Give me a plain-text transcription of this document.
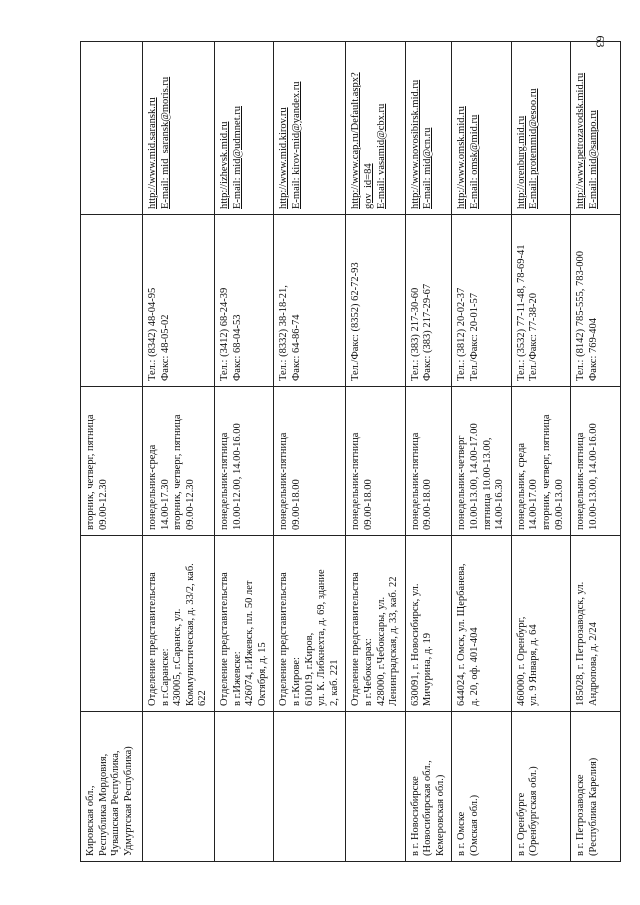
63
Кировская обл., Республика Мордовия, Чувашская Республика, Удмуртская Республика)		вторник, четверг, пятница 09.00-12.30		

	Отделение представительства в г.Саранске: 430005, г.Саранск, ул. Коммунистическая, д. 33/2, каб. 622	понедельник-среда 14.00-17.30 вторник, четверг, пятница 09.00-12.30	Тел.: (8342) 48-04-95 Факс: 48-05-02	http://www.mid.saransk.ru E-mail: mid_saransk@moris.ru

	Отделение представительства в г.Ижевске: 426074, г.Ижевск, пл. 50 лет Октября, д. 15	понедельник-пятница 10.00-12.00, 14.00-16.00	Тел.: (3412) 68-24-39 Факс: 68-04-53	http://izhevsk.mid.ru E-mail: mid@udmnet.ru

	Отделение представительства в г.Кирове: 610019, г.Киров, ул. К. Либкнехта, д. 69, здание 2, каб. 221	понедельник-пятница 09.00-18.00	Тел.: (8332) 38-18-21, Факс: 64-86-74	http://www.mid.kirov.ru E-mail: kirov-mid@yandex.ru

	Отделение представительства в г.Чебоксарах: 428000, г.Чебоксары, ул. Ленинградская, д. 33, каб. 22	понедельник-пятница 09.00-18.00	Тел./Факс: (8352) 62-72-93	http://www.cap.ru/Default.aspx?gov_id=84 E-mail: vasamid@cbx.ru

в г. Новосибирске (Новосибирская обл., Кемеровская обл.)	630091, г. Новосибирск, ул. Мичурина, д. 19	понедельник-пятница 09.00-18.00	Тел.: (383) 217-30-60 Факс: (383) 217-29-67	http://www.novosibirsk.mid.ru E-mail: mid@cn.ru

в г. Омске (Омская обл.)	644024, г. Омск, ул. Щербанева, д. 20, оф. 401-404	понедельник-четверг 10.00-13.00, 14.00-17.00 пятница 10.00-13.00, 14.00-16.30	Тел.: (3812) 20-02-37 Тел./Факс: 20-01-57	http://www.omsk.mid.ru E-mail: omsk@mid.ru

в г. Оренбурге (Оренбургская обл.)	460000, г. Оренбург, ул. 9 Января, д. 64	понедельник, среда 14.00-17.00 вторник, четверг, пятница 09.00-13.00	Тел.: (3532) 77-11-48, 78-69-41 Тел./Факс: 77-38-20	http://orenburg.mid.ru E-mail: protemmid@esoo.ru

в г. Петрозаводске (Республика Карелия)	185028, г. Петрозаводск, ул. Андропова, д. 2/24	понедельник-пятница 10.00-13.00, 14.00-16.00	Тел.: (8142) 785-555, 783-000 Факс: 769-404	http://www.petrozavodsk.mid.ru E-mail: mid@sampo.ru
